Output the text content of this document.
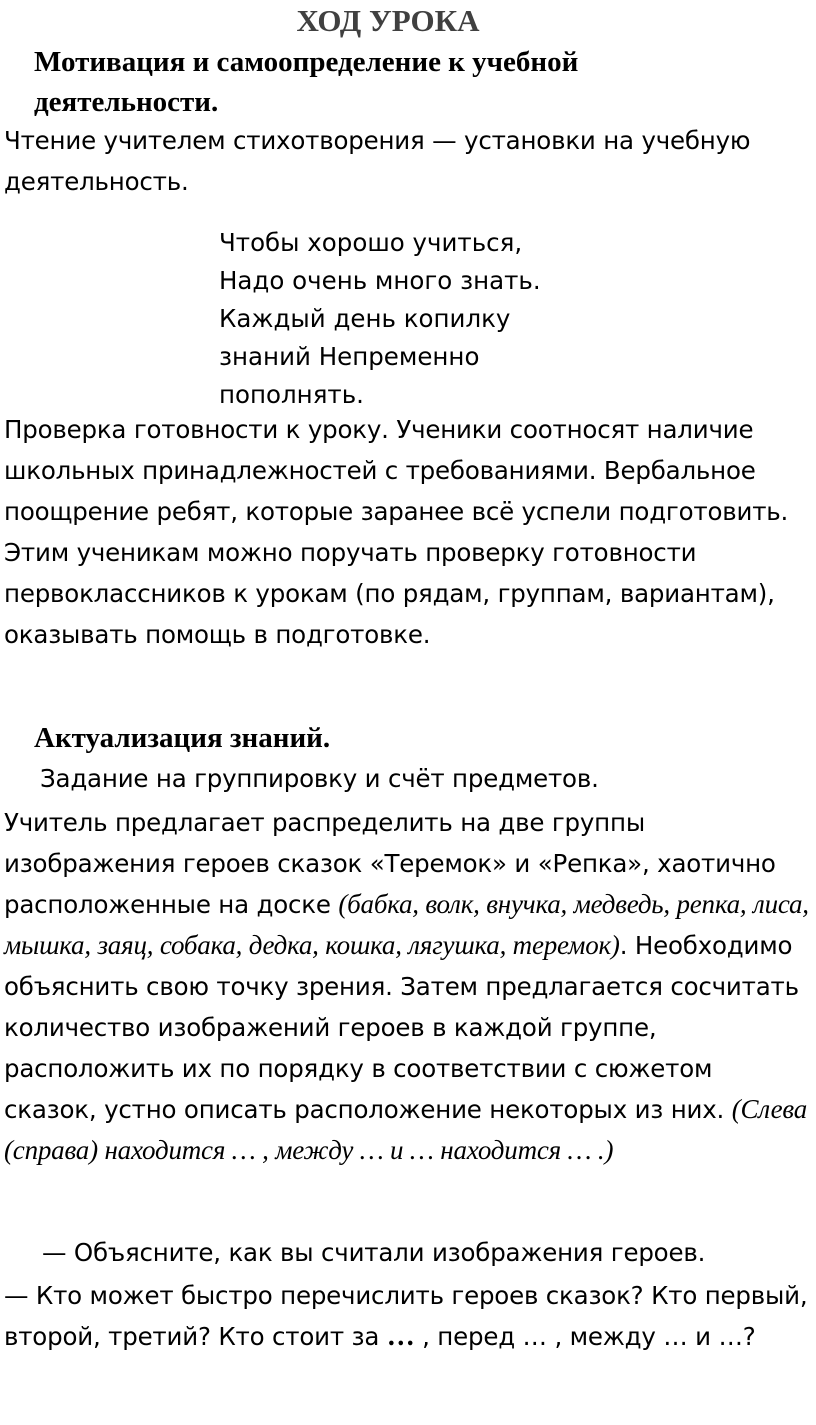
ХОД УРОКА
Мотивация и самоопределение к учебной деятельности.

Чтение учителем стихотворения — установки на учебную деятельность.

Чтобы хорошо учиться,
Надо очень много знать.
Каждый день копилку
знаний Непременно
пополнять.

Проверка готовности к уроку. Ученики соотносят наличие школьных принадлежностей с требованиями. Вербальное поощрение ребят, которые заранее всё успели подготовить. Этим ученикам можно поручать проверку готовности первоклассников к урокам (по рядам, группам, вариантам), оказывать помощь в подготовке.

Актуализация знаний.

Задание на группировку и счёт предметов.

Учитель предлагает распределить на две группы изображения героев сказок «Теремок» и «Репка», хаотично расположенные на доске (бабка, волк, внучка, медведь, репка, лиса, мышка, заяц, собака, дедка, кошка, лягушка, теремок). Необходимо объяснить свою точку зрения. Затем предлагается сосчитать количество изображений героев в каждой группе, расположить их по порядку в соответствии с сюжетом сказок, устно описать расположение некоторых из них. (Слева (справа) находится … , между … и … находится … .)

— Объясните, как вы считали изображения героев.

— Кто может быстро перечислить героев сказок? Кто первый, второй, третий? Кто стоит за … , перед … , между … и …?
